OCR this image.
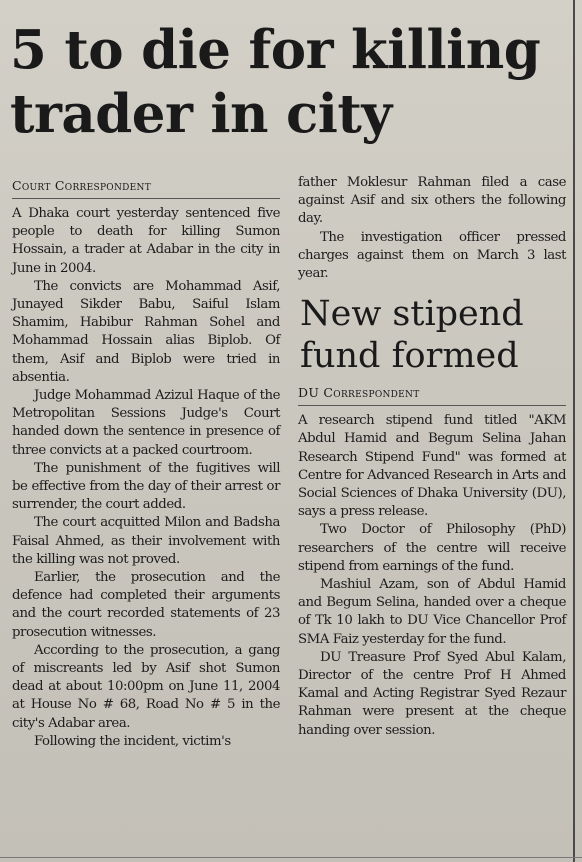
5 to die for killing
trader in city
Court Correspondent

A Dhaka court yesterday sentenced five people to death for killing Sumon Hossain, a trader at Adabar in the city in June in 2004.

The convicts are Mohammad Asif, Junayed Sikder Babu, Saiful Islam Shamim, Habibur Rahman Sohel and Mohammad Hossain alias Biplob. Of them, Asif and Biplob were tried in absentia.

Judge Mohammad Azizul Haque of the Metropolitan Sessions Judge's Court handed down the sentence in presence of three convicts at a packed courtroom.

The punishment of the fugitives will be effective from the day of their arrest or surrender, the court added.

The court acquitted Milon and Badsha Faisal Ahmed, as their involvement with the killing was not proved.

Earlier, the prosecution and the defence had completed their arguments and the court recorded statements of 23 prosecution witnesses.

According to the prosecution, a gang of miscreants led by Asif shot Sumon dead at about 10:00pm on June 11, 2004 at House No # 68, Road No # 5 in the city's Adabar area.

Following the incident, victim's

father Moklesur Rahman filed a case against Asif and six others the following day.

The investigation officer pressed charges against them on March 3 last year.

New stipend
fund formed
DU Correspondent

A research stipend fund titled "AKM Abdul Hamid and Begum Selina Jahan Research Stipend Fund" was formed at Centre for Advanced Research in Arts and Social Sciences of Dhaka University (DU), says a press release.

Two Doctor of Philosophy (PhD) researchers of the centre will receive stipend from earnings of the fund.

Mashiul Azam, son of Abdul Hamid and Begum Selina, handed over a cheque of Tk 10 lakh to DU Vice Chancellor Prof SMA Faiz yesterday for the fund.

DU Treasure Prof Syed Abul Kalam, Director of the centre Prof H Ahmed Kamal and Acting Registrar Syed Rezaur Rahman were present at the cheque handing over session.
